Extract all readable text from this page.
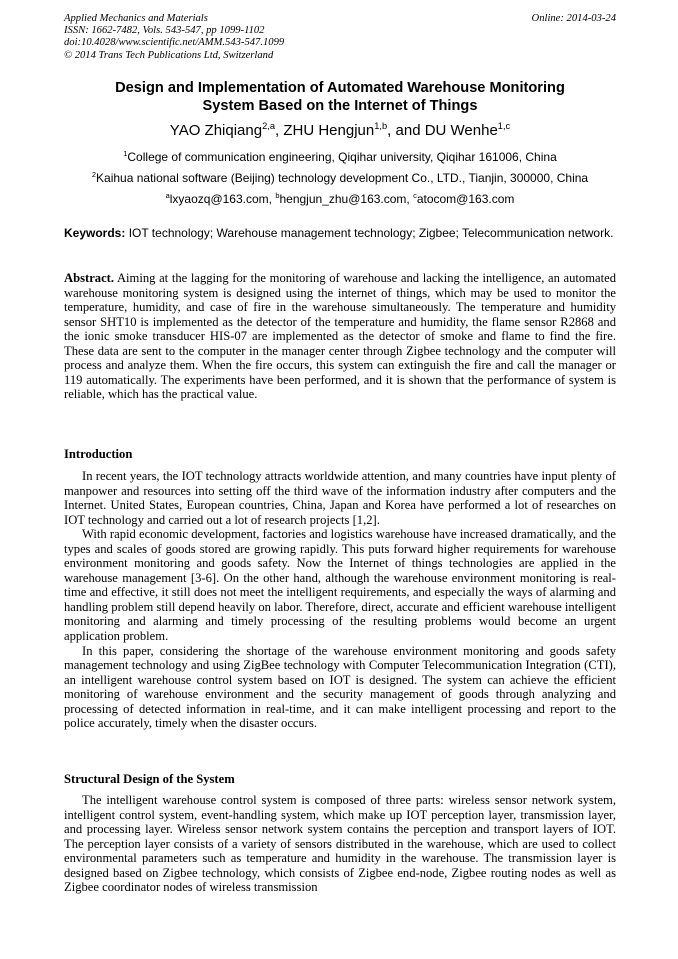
Applied Mechanics and Materials
ISSN: 1662-7482, Vols. 543-547, pp 1099-1102
doi:10.4028/www.scientific.net/AMM.543-547.1099
© 2014 Trans Tech Publications Ltd, Switzerland
Online: 2014-03-24
Design and Implementation of Automated Warehouse Monitoring
System Based on the Internet of Things
YAO Zhiqiang$^{2,a}$, ZHU Hengjun$^{1,b}$, and DU Wenhe$^{1,c}$
$^1$College of communication engineering, Qiqihar university, Qiqihar 161006, China
$^2$Kaihua national software (Beijing) technology development Co., LTD., Tianjin, 300000, China
$^a$lxyaozq@163.com, $^b$hengjun_zhu@163.com, $^c$atocom@163.com
Keywords: IOT technology; Warehouse management technology; Zigbee; Telecommunication network.
Abstract. Aiming at the lagging for the monitoring of warehouse and lacking the intelligence, an automated warehouse monitoring system is designed using the internet of things, which may be used to monitor the temperature, humidity, and case of fire in the warehouse simultaneously. The temperature and humidity sensor SHT10 is implemented as the detector of the temperature and humidity, the flame sensor R2868 and the ionic smoke transducer HIS-07 are implemented as the detector of smoke and flame to find the fire. These data are sent to the computer in the manager center through Zigbee technology and the computer will process and analyze them. When the fire occurs, this system can extinguish the fire and call the manager or 119 automatically. The experiments have been performed, and it is shown that the performance of system is reliable, which has the practical value.
Introduction

In recent years, the IOT technology attracts worldwide attention, and many countries have input plenty of manpower and resources into setting off the third wave of the information industry after computers and the Internet. United States, European countries, China, Japan and Korea have performed a lot of researches on IOT technology and carried out a lot of research projects [1,2].

With rapid economic development, factories and logistics warehouse have increased dramatically, and the types and scales of goods stored are growing rapidly. This puts forward higher requirements for warehouse environment monitoring and goods safety. Now the Internet of things technologies are applied in the warehouse management [3-6]. On the other hand, although the warehouse environment monitoring is real-time and effective, it still does not meet the intelligent requirements, and especially the ways of alarming and handling problem still depend heavily on labor. Therefore, direct, accurate and efficient warehouse intelligent monitoring and alarming and timely processing of the resulting problems would become an urgent application problem.

In this paper, considering the shortage of the warehouse environment monitoring and goods safety management technology and using ZigBee technology with Computer Telecommunication Integration (CTI), an intelligent warehouse control system based on IOT is designed. The system can achieve the efficient monitoring of warehouse environment and the security management of goods through analyzing and processing of detected information in real-time, and it can make intelligent processing and report to the police accurately, timely when the disaster occurs.

Structural Design of the System

The intelligent warehouse control system is composed of three parts: wireless sensor network system, intelligent control system, event-handling system, which make up IOT perception layer, transmission layer, and processing layer. Wireless sensor network system contains the perception and transport layers of IOT. The perception layer consists of a variety of sensors distributed in the warehouse, which are used to collect environmental parameters such as temperature and humidity in the warehouse. The transmission layer is designed based on Zigbee technology, which consists of Zigbee end-node, Zigbee routing nodes as well as Zigbee coordinator nodes of wireless transmission
